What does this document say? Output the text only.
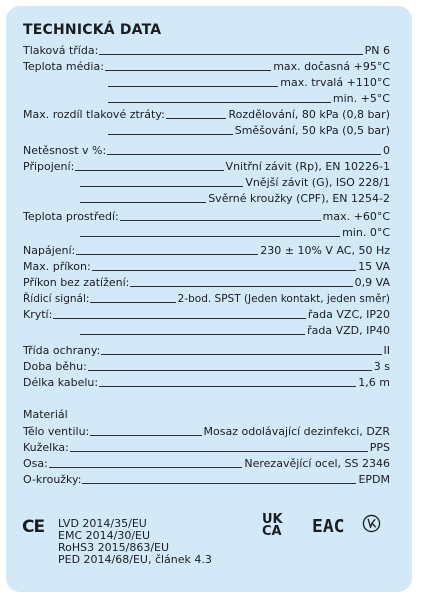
TECHNICKÁ DATA
Tlaková třída:	PN 6
Teplota média:	max. dočasná +95°C
max. trvalá +110°C
min. +5°C
Max. rozdíl tlakové ztráty:	Rozdělování, 80 kPa (0,8 bar)
Směšování, 50 kPa (0,5 bar)
Netěsnost v %:	0
Připojení:	Vnitřní závit (Rp), EN 10226-1
Vnější závit (G), ISO 228/1
Svěrné kroužky (CPF), EN 1254-2
Teplota prostředí:	max. +60°C
min. 0°C
Napájení:	230 ± 10% V AC, 50 Hz
Max. příkon:	15 VA
Příkon bez zatížení:	0,9 VA
Řídicí signál:	2-bod. SPST (Jeden kontakt, jeden směr)
Krytí:	řada VZC, IP20
řada VZD, IP40
Třída ochrany:	II
Doba běhu:	3 s
Délka kabelu:	1,6 m
Materiál
Tělo ventilu:	Mosaz odolávající dezinfekci, DZR
Kuželka:	PPS
Osa:	Nerezavějící ocel, SS 2346
O-kroužky:	EPDM
CE LVD 2014/35/EU
EMC 2014/30/EU
RoHS3 2015/863/EU
PED 2014/68/EU, článek 4.3
UK
CA EAC
